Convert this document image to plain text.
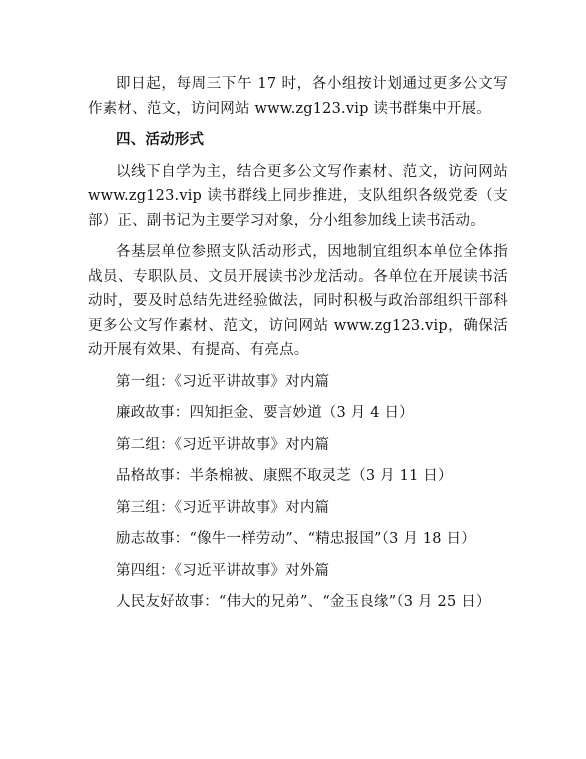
即日起，每周三下午 17 时，各小组按计划通过更多公文写作素材、范文，访问网站 www.zg123.vip 读书群集中开展。

四、活动形式

以线下自学为主，结合更多公文写作素材、范文，访问网站 www.zg123.vip 读书群线上同步推进，支队组织各级党委（支部）正、副书记为主要学习对象，分小组参加线上读书活动。

各基层单位参照支队活动形式，因地制宜组织本单位全体指战员、专职队员、文员开展读书沙龙活动。各单位在开展读书活动时，要及时总结先进经验做法，同时积极与政治部组织干部科更多公文写作素材、范文，访问网站 www.zg123.vip，确保活动开展有效果、有提高、有亮点。

第一组：《习近平讲故事》对内篇

廉政故事：四知拒金、要言妙道（3 月 4 日）

第二组：《习近平讲故事》对内篇

品格故事：半条棉被、康熙不取灵芝（3 月 11 日）

第三组：《习近平讲故事》对内篇

励志故事：“像牛一样劳动”、“精忠报国”（3 月 18 日）

第四组：《习近平讲故事》对外篇

人民友好故事：“伟大的兄弟”、“金玉良缘”（3 月 25 日）
